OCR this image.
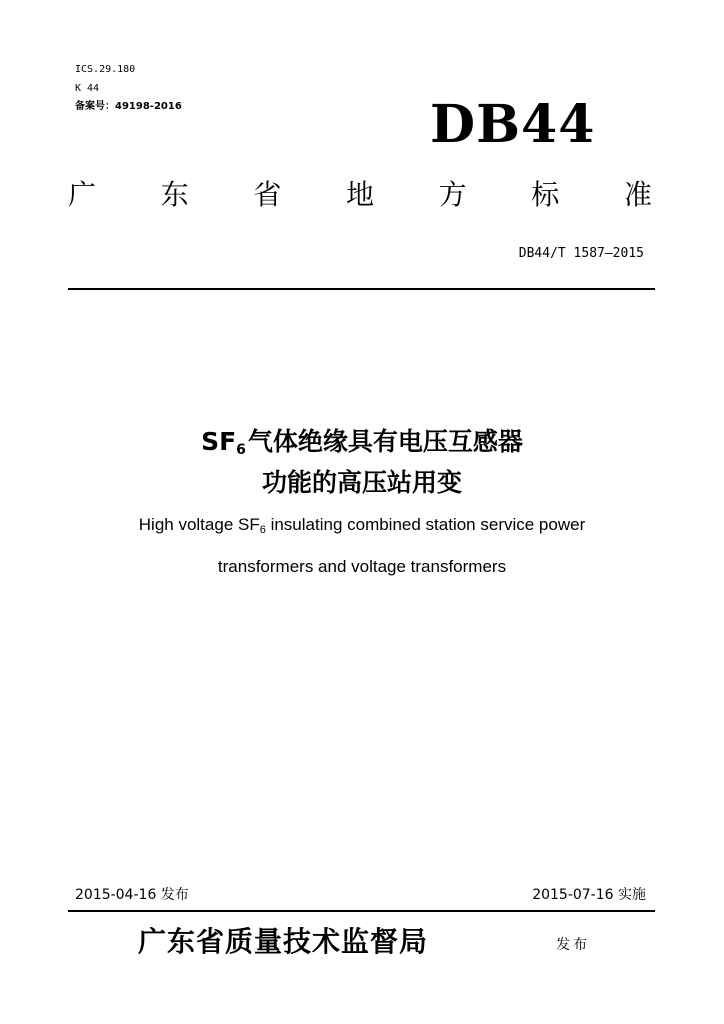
ICS.29.180
K 44
备案号：49198-2016	DB44
广 东 省 地 方 标 准
DB44/T 1587—2015
$SF_6$气体绝缘具有电压互感器
功能的高压站用变
High voltage $SF_6$ insulating combined station service power
transformers and voltage transformers
2015-04-16 发布	2015-07-16 实施
广东省质量技术监督局	发布
